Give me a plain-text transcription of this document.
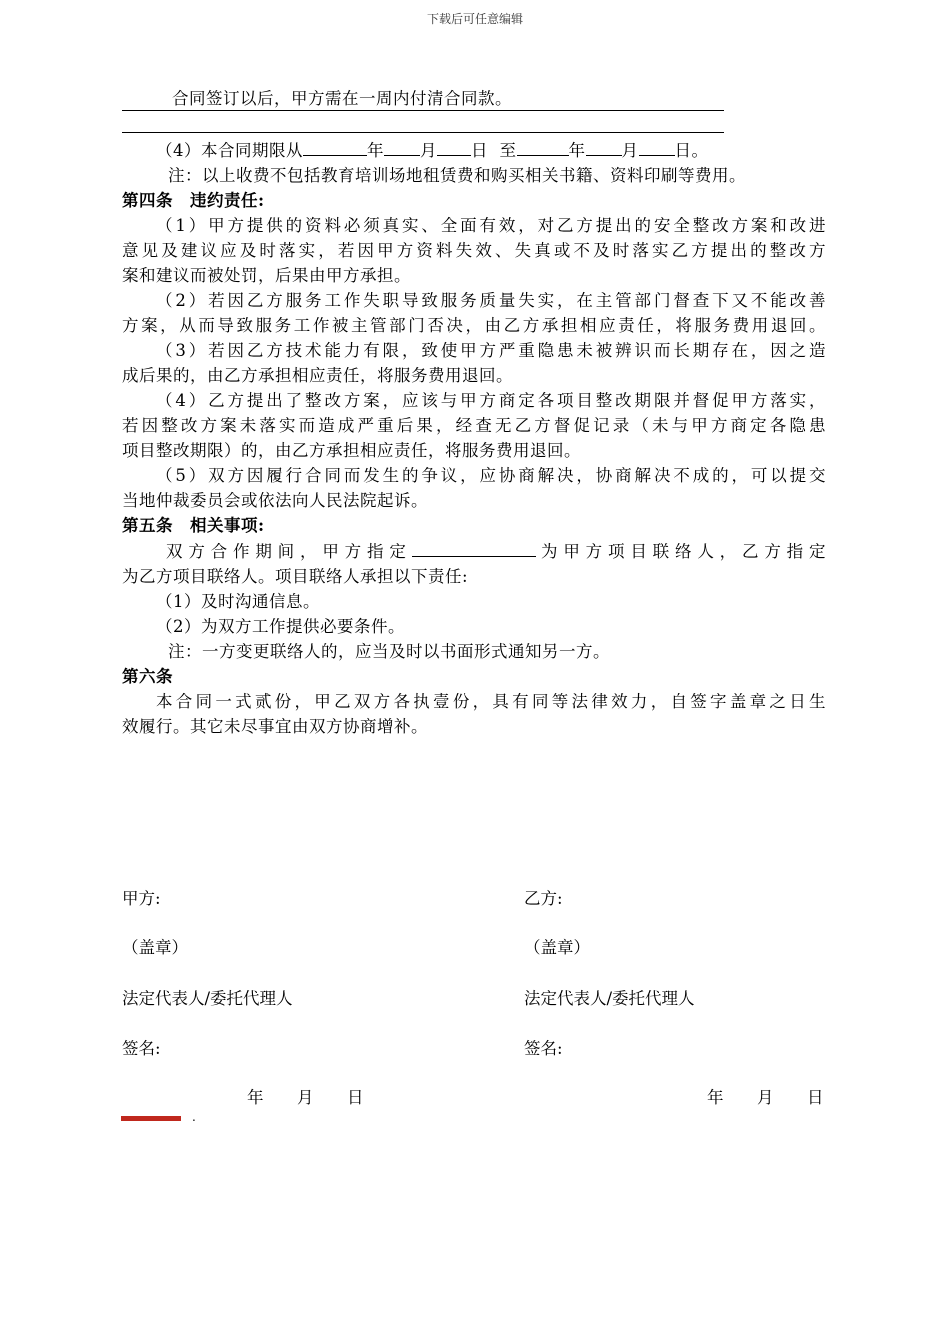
下载后可任意编辑
合同签订以后，甲方需在一周内付清合同款。
（4）本合同期限从	年 月 日 至	年 月 日。
注：以上收费不包括教育培训场地租赁费和购买相关书籍、资料印刷等费用。
第四条　违约责任:
（1）甲方提供的资料必须真实、全面有效，对乙方提出的安全整改方案和改进
意见及建议应及时落实，若因甲方资料失效、失真或不及时落实乙方提出的整改方
案和建议而被处罚，后果由甲方承担。
（2）若因乙方服务工作失职导致服务质量失实，在主管部门督查下又不能改善
方案，从而导致服务工作被主管部门否决，由乙方承担相应责任，将服务费用退回。
（3）若因乙方技术能力有限，致使甲方严重隐患未被辨识而长期存在，因之造
成后果的，由乙方承担相应责任，将服务费用退回。
（4）乙方提出了整改方案，应该与甲方商定各项目整改期限并督促甲方落实，
若因整改方案未落实而造成严重后果，经查无乙方督促记录（未与甲方商定各隐患
项目整改期限）的，由乙方承担相应责任，将服务费用退回。
（5）双方因履行合同而发生的争议，应协商解决，协商解决不成的，可以提交
当地仲裁委员会或依法向人民法院起诉。
第五条　相关事项:
双方合作期间，甲方指定	为甲方项目联络人，乙方指定
为乙方项目联络人。项目联络人承担以下责任:
（1）及时沟通信息。
（2）为双方工作提供必要条件。
注：一方变更联络人的，应当及时以书面形式通知另一方。
第六条
本合同一式贰份，甲乙双方各执壹份，具有同等法律效力，自签字盖章之日生
效履行。其它未尽事宜由双方协商增补。
甲方:	乙方:
（盖章）	（盖章）
法定代表人/委托代理人	法定代表人/委托代理人
签名:	签名:
年 月 日	年 月 日
.
